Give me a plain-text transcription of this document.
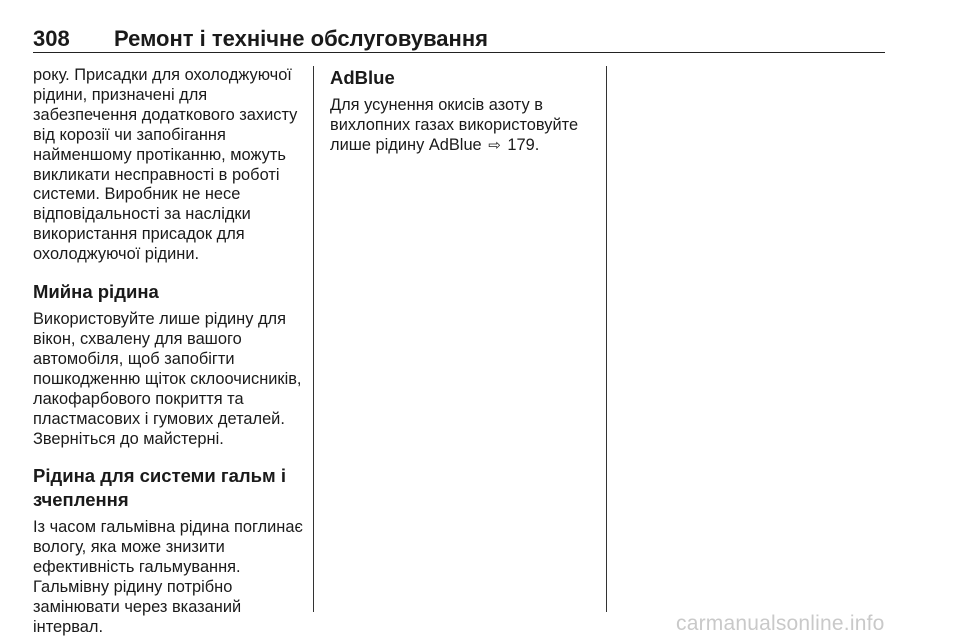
308 Ремонт і технічне обслуговування

року. Присадки для охолоджуючої
рідини, призначені для
забезпечення додаткового захисту
від корозії чи запобігання
найменшому протіканню, можуть
викликати несправності в роботі
системи. Виробник не несе
відповідальності за наслідки
використання присадок для
охолоджуючої рідини.

Мийна рідина

Використовуйте лише рідину для
вікон, схвалену для вашого
автомобіля, щоб запобігти
пошкодженню щіток склоочисників,
лакофарбового покриття та
пластмасових і гумових деталей.
Зверніться до майстерні.

Рідина для системи гальм і
зчеплення

Із часом гальмівна рідина поглинає
вологу, яка може знизити
ефективність гальмування.
Гальмівну рідину потрібно
замінювати через вказаний
інтервал.

AdBlue

Для усунення окисів азоту в
вихлопних газах використовуйте
лише рідину AdBlue ⇨ 179.

carmanualsonline.info
